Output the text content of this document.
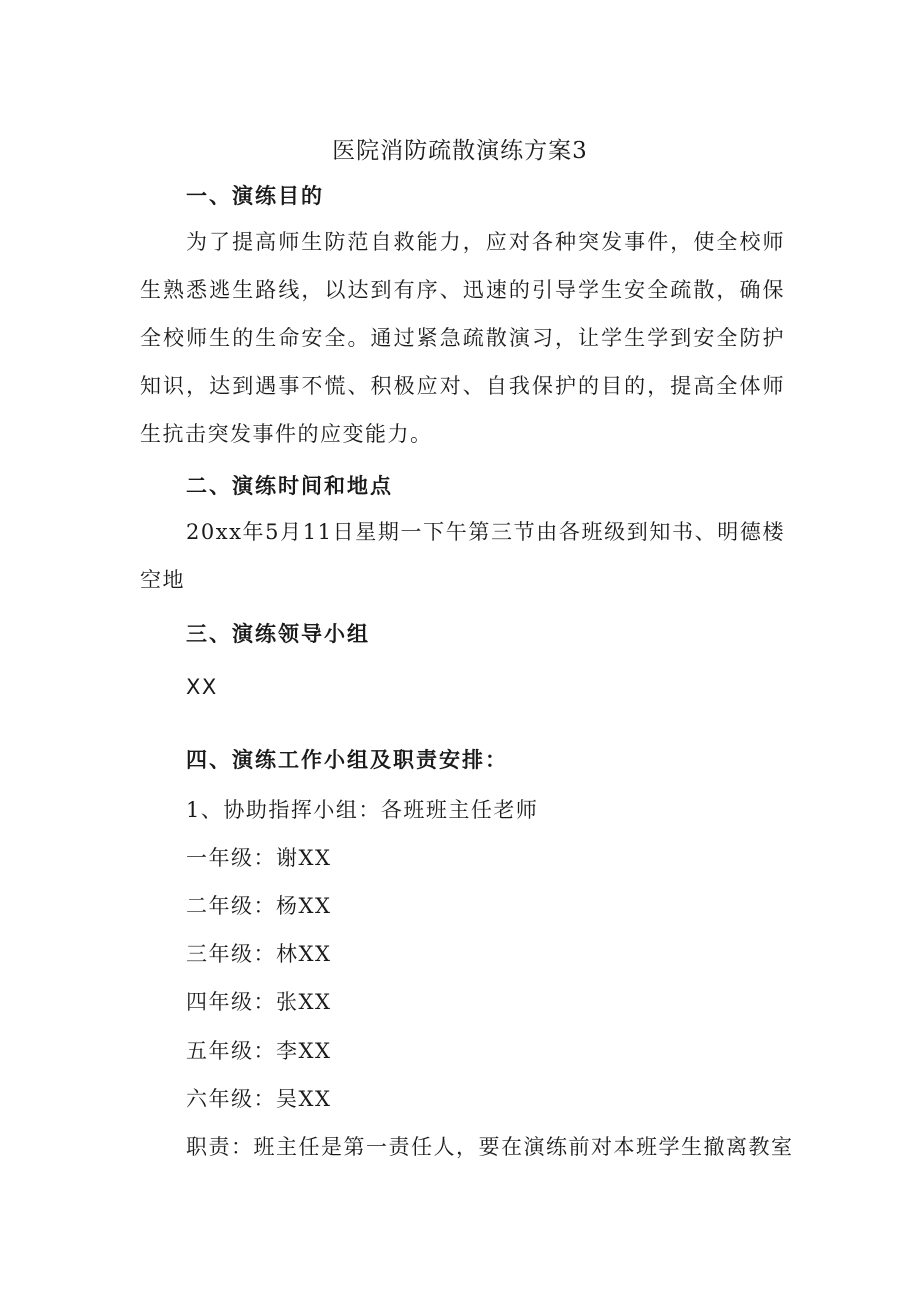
医院消防疏散演练方案3
一、演练目的
为了提高师生防范自救能力，应对各种突发事件，使全校师生熟悉逃生路线，以达到有序、迅速的引导学生安全疏散，确保全校师生的生命安全。通过紧急疏散演习，让学生学到安全防护知识，达到遇事不慌、积极应对、自我保护的目的，提高全体师生抗击突发事件的应变能力。
二、演练时间和地点
20xx年5月11日星期一下午第三节由各班级到知书、明德楼空地
三、演练领导小组
XX
四、演练工作小组及职责安排：
1、协助指挥小组：各班班主任老师
一年级：谢XX
二年级：杨XX
三年级：林XX
四年级：张XX
五年级：李XX
六年级：吴XX
职责：班主任是第一责任人，要在演练前对本班学生撤离教室
